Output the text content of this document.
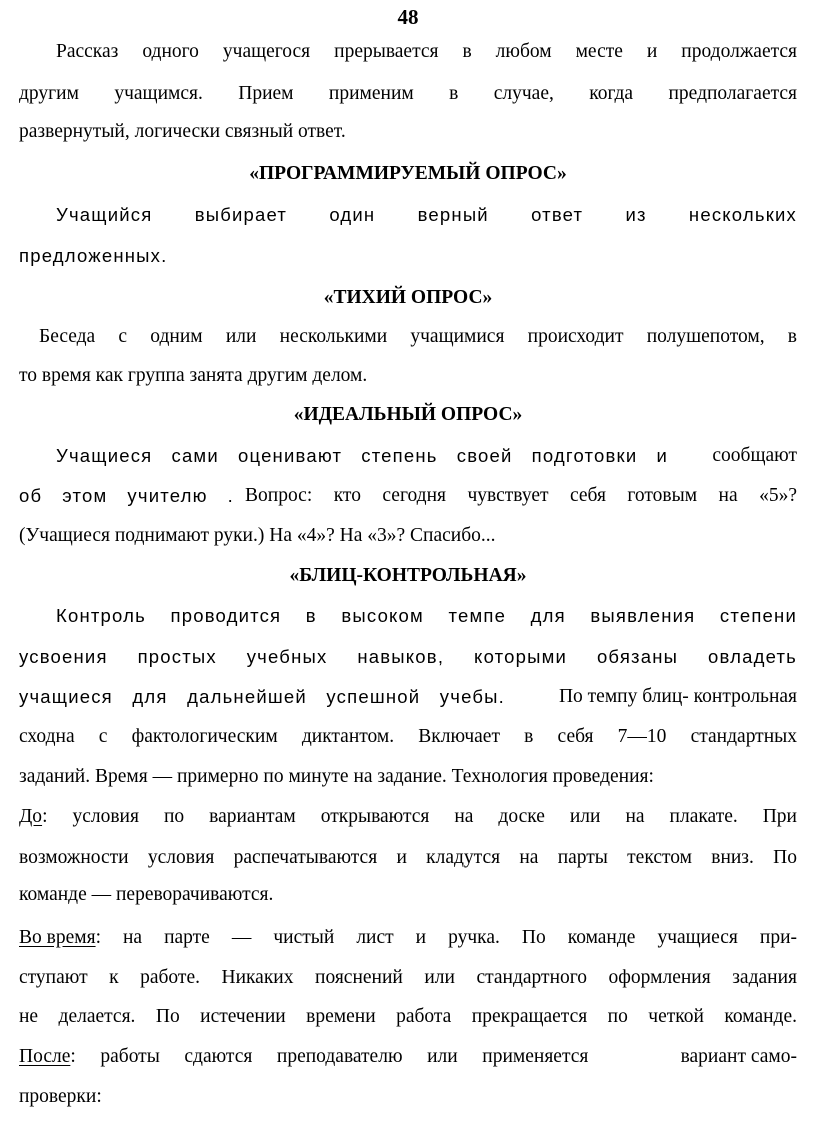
48
Рассказ одного учащегося прерывается в любом месте и продолжается
другим учащимся. Прием применим в случае, когда предполагается
развернутый, логически связный ответ.
«ПРОГРАММИРУЕМЫЙ ОПРОС»
Учащийся выбирает один верный ответ из нескольких
предложенных.
«ТИХИЙ ОПРОС»
Беседа с одним или несколькими учащимися происходит полушепотом, в
то время как группа занята другим делом.
«ИДЕАЛЬНЫЙ ОПРОС»
Учащиеся сами оценивают степень своей подготовки и сообщают
об этом учителю . Вопрос: кто сегодня чувствует себя готовым на «5»?
(Учащиеся поднимают руки.) На «4»? На «3»? Спасибо...
«БЛИЦ-КОНТРОЛЬНАЯ»
Контроль проводится в высоком темпе для выявления степени
усвоения простых учебных навыков, которыми обязаны овладеть
учащиеся для дальнейшей успешной учебы.	По темпу блиц- контрольная
сходна с фактологическим диктантом. Включает в себя 7—10 стандартных
заданий. Время — примерно по минуте на задание. Технология проведения:
До : условия по вариантам открываются на доске или на плакате. При
возможности условия распечатываются и кладутся на парты текстом вниз. По
команде — переворачиваются.
Во время : на парте — чистый лист и ручка. По команде учащиеся при-
ступают к работе. Никаких пояснений или стандартного оформления задания
не делается. По истечении времени работа прекращается по четкой команде.
После : работы сдаются преподавателю или применяется	вариант само-
проверки:
